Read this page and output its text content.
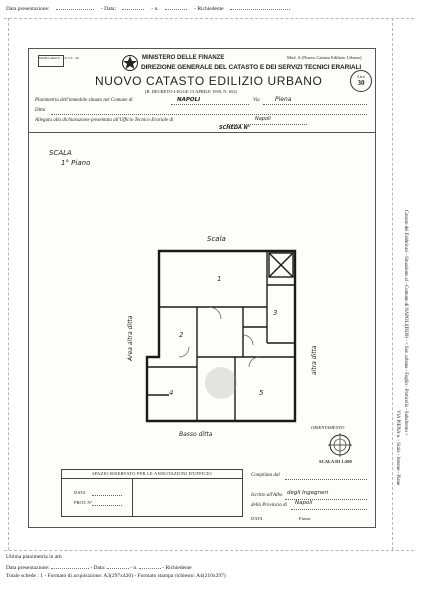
Data presentazione:	- Data:	- n.	- Richiedente
MODULARIO F. - Cat. S.T. - 99	MINISTERO DELLE FINANZE	Mod. A (Nuovo Catasto Edilizio Urbano)
DIREZIONE GENERALE DEL CATASTO E DEI SERVIZI TECNICI ERARIALI
Lire
30
NUOVO CATASTO EDILIZIO URBANO
(R. DECRETO-LEGGE 13 APRILE 1939, N. 652)
Planimetria dell'immobile situato nel Comune di	NAPOLI	Via	Piena
Ditta
Allegata alla dichiarazione presentata all'Ufficio Tecnico Erariale di	Napoli
SCHEDA N°
SCALA
1° Piano
Scala
1
2
3
4	5
Area altra ditta	altra ditta
Basso ditta
ORIENTAMENTO
SCALA DI 1:200
SPAZIO RISERVATO PER LE ANNOTAZIONI D'UFFICIO
DATA
PROT. N°
Compilata dal
Iscritto all'Albo degli Ingegneri
della Provincia di Napoli
DATA	Firma:
Catasto dei Fabbricati - Situazione al - Comune di NAPOLI(F839) - < Sez. urbana - Foglio - Particella - Subalterno >
VIA PIENA n. - Scala - Interno - Piano
Ultima planimetria in atti
Data presentazione:	- Data:	- n.	- Richiedente
Totale schede : 1 - Formato di acquisizione: A3(297x420) - Formato stampa richiesto: A4(210x297)
